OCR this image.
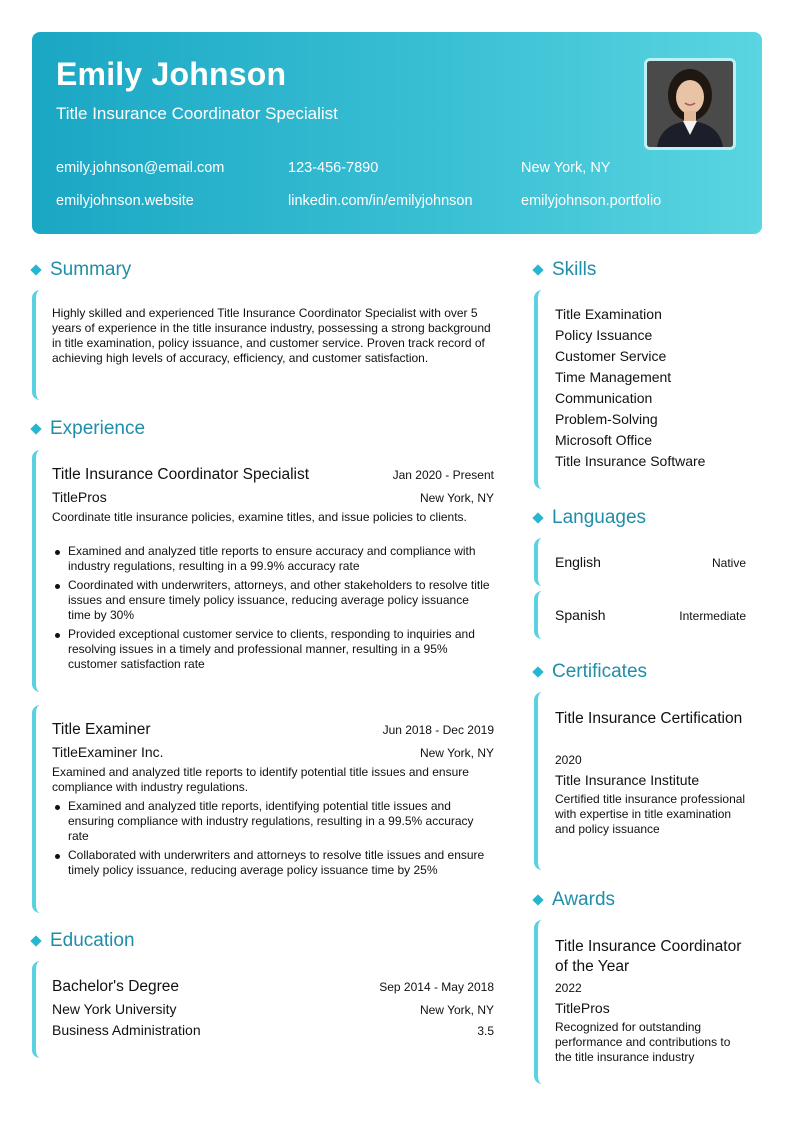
Emily Johnson
Title Insurance Coordinator Specialist
emily.johnson@email.com	123-456-7890	New York, NY
emilyjohnson.website	linkedin.com/in/emilyjohnson	emilyjohnson.portfolio
Summary
Highly skilled and experienced Title Insurance Coordinator Specialist with over 5 years of experience in the title insurance industry, possessing a strong background in title examination, policy issuance, and customer service. Proven track record of achieving high levels of accuracy, efficiency, and customer satisfaction.
Experience
Title Insurance Coordinator Specialist	Jan 2020 - Present
TitlePros	New York, NY
Coordinate title insurance policies, examine titles, and issue policies to clients.
Examined and analyzed title reports to ensure accuracy and compliance with industry regulations, resulting in a 99.9% accuracy rate
Coordinated with underwriters, attorneys, and other stakeholders to resolve title issues and ensure timely policy issuance, reducing average policy issuance time by 30%
Provided exceptional customer service to clients, responding to inquiries and resolving issues in a timely and professional manner, resulting in a 95% customer satisfaction rate
Title Examiner	Jun 2018 - Dec 2019
TitleExaminer Inc.	New York, NY
Examined and analyzed title reports to identify potential title issues and ensure compliance with industry regulations.
Examined and analyzed title reports, identifying potential title issues and ensuring compliance with industry regulations, resulting in a 99.5% accuracy rate
Collaborated with underwriters and attorneys to resolve title issues and ensure timely policy issuance, reducing average policy issuance time by 25%
Education
Bachelor's Degree	Sep 2014 - May 2018
New York University	New York, NY
Business Administration	3.5
Skills
Title Examination
Policy Issuance
Customer Service
Time Management
Communication
Problem-Solving
Microsoft Office
Title Insurance Software
Languages
English	Native
Spanish	Intermediate
Certificates
Title Insurance Certification
2020
Title Insurance Institute
Certified title insurance professional with expertise in title examination and policy issuance
Awards
Title Insurance Coordinator of the Year
2022
TitlePros
Recognized for outstanding performance and contributions to the title insurance industry
